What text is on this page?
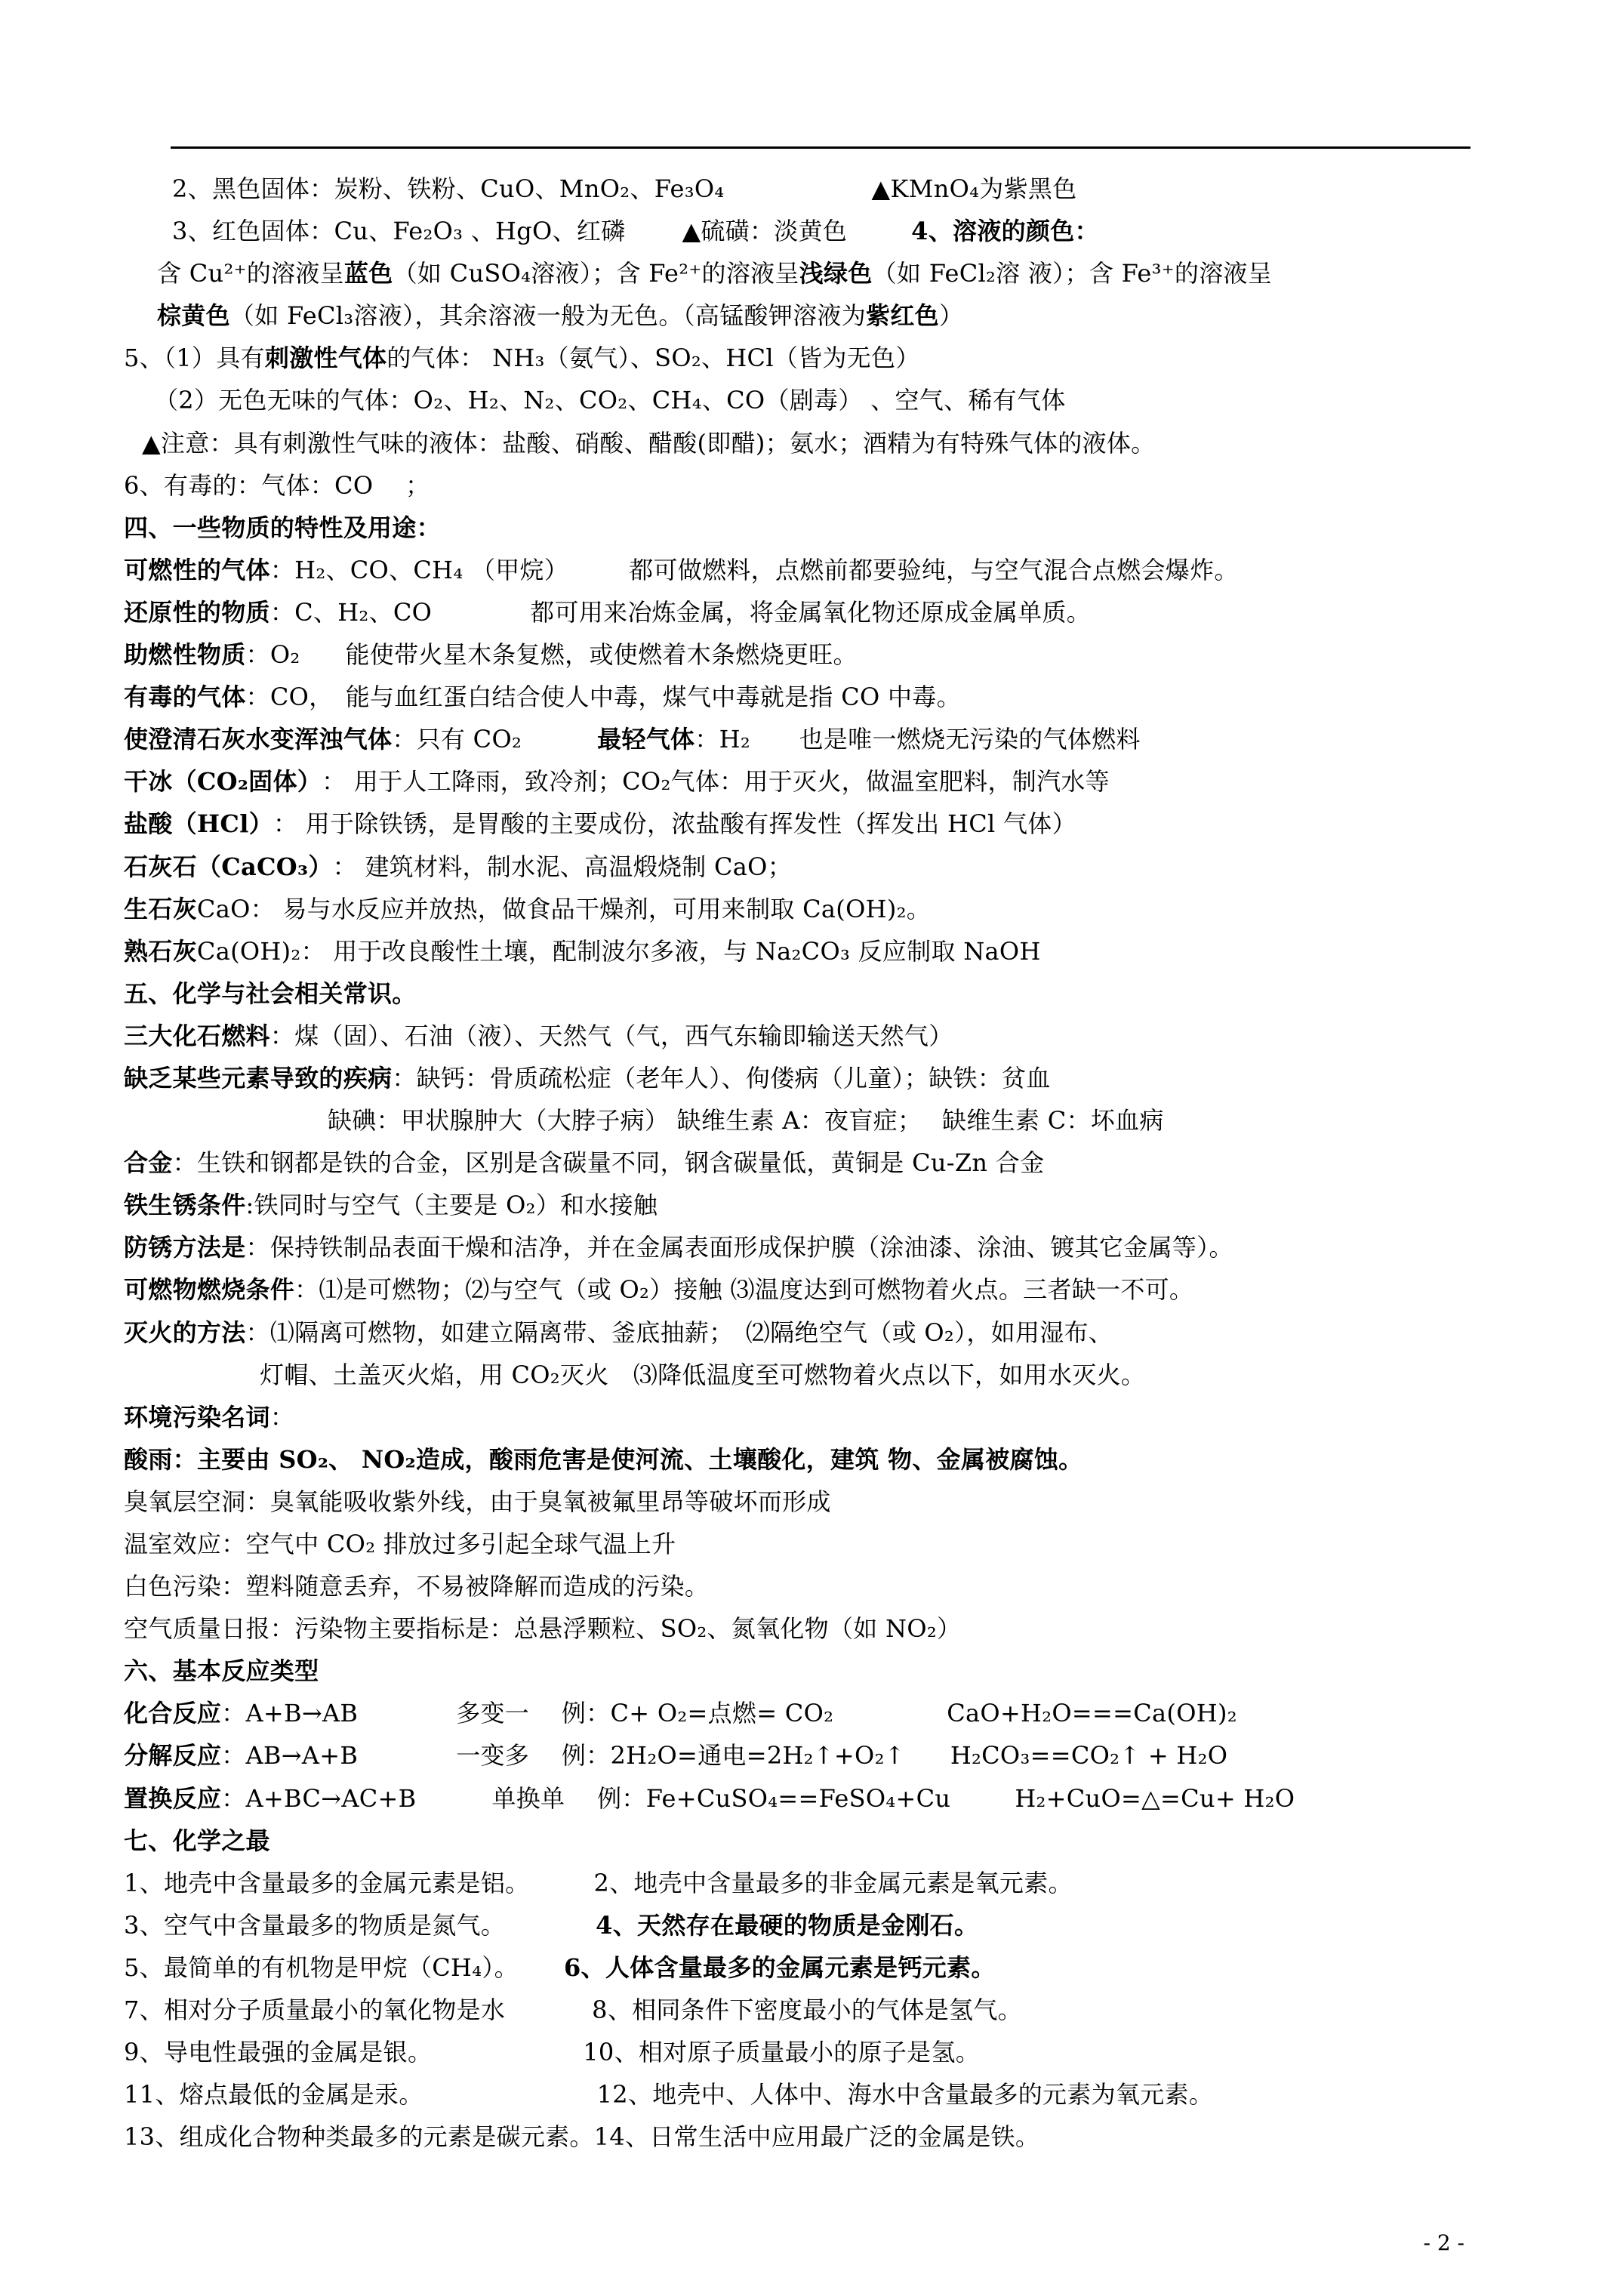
2、黑色固体：炭粉、铁粉、CuO、MnO₂、Fe₃O₄	▲KMnO₄为紫黑色
3、红色固体：Cu、Fe₂O₃ 、HgO、红磷 ▲硫磺：淡黄色	4、溶液的颜色：
含 Cu²⁺的溶液呈蓝色（如 CuSO₄溶液）；含 Fe²⁺的溶液呈浅绿色（如 FeCl₂溶 液）；含 Fe³⁺的溶液呈
棕黄色（如 FeCl₃溶液），其余溶液一般为无色。（高锰酸钾溶液为紫红色）
5、（1）具有刺激性气体的气体： NH₃（氨气）、SO₂、HCl（皆为无色）
（2）无色无味的气体：O₂、H₂、N₂、CO₂、CH₄、CO（剧毒） 、空气、稀有气体
▲注意：具有刺激性气味的液体：盐酸、硝酸、醋酸(即醋)；氨水；酒精为有特殊气体的液体。
6、有毒的：气体：CO　 ；
四、一些物质的特性及用途：
可燃性的气体：H₂、CO、CH₄ （甲烷）	都可做燃料，点燃前都要验纯，与空气混合点燃会爆炸。
还原性的物质：C、H₂、CO	都可用来冶炼金属，将金属氧化物还原成金属单质。
助燃性物质：O₂ 能使带火星木条复燃，或使燃着木条燃烧更旺。
有毒的气体：CO，　能与血红蛋白结合使人中毒，煤气中毒就是指 CO 中毒。
使澄清石灰水变浑浊气体：只有 CO₂	最轻气体：H₂　　也是唯一燃烧无污染的气体燃料
干冰（CO₂固体）： 用于人工降雨，致冷剂；CO₂气体：用于灭火，做温室肥料，制汽水等
盐酸（HCl）： 用于除铁锈，是胃酸的主要成份，浓盐酸有挥发性（挥发出 HCl 气体）
石灰石（CaCO₃）： 建筑材料，制水泥、高温煅烧制 CaO；
生石灰CaO： 易与水反应并放热，做食品干燥剂，可用来制取 Ca(OH)₂。
熟石灰Ca(OH)₂： 用于改良酸性土壤，配制波尔多液，与 Na₂CO₃ 反应制取 NaOH
五、化学与社会相关常识。
三大化石燃料：煤（固）、石油（液）、天然气（气，西气东输即输送天然气）
缺乏某些元素导致的疾病：缺钙：骨质疏松症（老年人）、佝偻病（儿童）；缺铁：贫血
缺碘：甲状腺肿大（大脖子病） 缺维生素 A：夜盲症；　 缺维生素 C：坏血病
合金：生铁和钢都是铁的合金，区别是含碳量不同，钢含碳量低，黄铜是 Cu-Zn 合金
铁生锈条件:铁同时与空气（主要是 O₂）和水接触
防锈方法是：保持铁制品表面干燥和洁净，并在金属表面形成保护膜（涂油漆、涂油、镀其它金属等）。
可燃物燃烧条件：⑴是可燃物；⑵与空气（或 O₂）接触 ⑶温度达到可燃物着火点。三者缺一不可。
灭火的方法：⑴隔离可燃物，如建立隔离带、釜底抽薪；　⑵隔绝空气（或 O₂），如用湿布、
灯帽、土盖灭火焰，用 CO₂灭火　⑶降低温度至可燃物着火点以下，如用水灭火。
环境污染名词：
酸雨：主要由 SO₂、 NO₂造成，酸雨危害是使河流、土壤酸化，建筑 物、金属被腐蚀。
臭氧层空洞：臭氧能吸收紫外线，由于臭氧被氟里昂等破坏而形成
温室效应：空气中 CO₂ 排放过多引起全球气温上升
白色污染：塑料随意丢弃，不易被降解而造成的污染。
空气质量日报：污染物主要指标是：总悬浮颗粒、SO₂、氮氧化物（如 NO₂）
六、基本反应类型
化合反应：A+B→AB	多变一　 例：C+ O₂=点燃= CO₂	CaO+H₂O===Ca(OH)₂
分解反应：AB→A+B	一变多　 例：2H₂O=通电=2H₂↑+O₂↑ H₂CO₃==CO₂↑ + H₂O
置换反应：A+BC→AC+B	单换单　 例：Fe+CuSO₄==FeSO₄+Cu	H₂+CuO=△=Cu+ H₂O
七、化学之最
1、地壳中含量最多的金属元素是铝。	2、地壳中含量最多的非金属元素是氧元素。
3、空气中含量最多的物质是氮气。	4、天然存在最硬的物质是金刚石。
5、最简单的有机物是甲烷（CH₄）。 6、人体含量最多的金属元素是钙元素。
7、相对分子质量最小的氧化物是水	8、相同条件下密度最小的气体是氢气。
9、导电性最强的金属是银。	10、相对原子质量最小的原子是氢。
11、熔点最低的金属是汞。	12、地壳中、人体中、海水中含量最多的元素为氧元素。
13、组成化合物种类最多的元素是碳元素。14、日常生活中应用最广泛的金属是铁。
- 2 -
